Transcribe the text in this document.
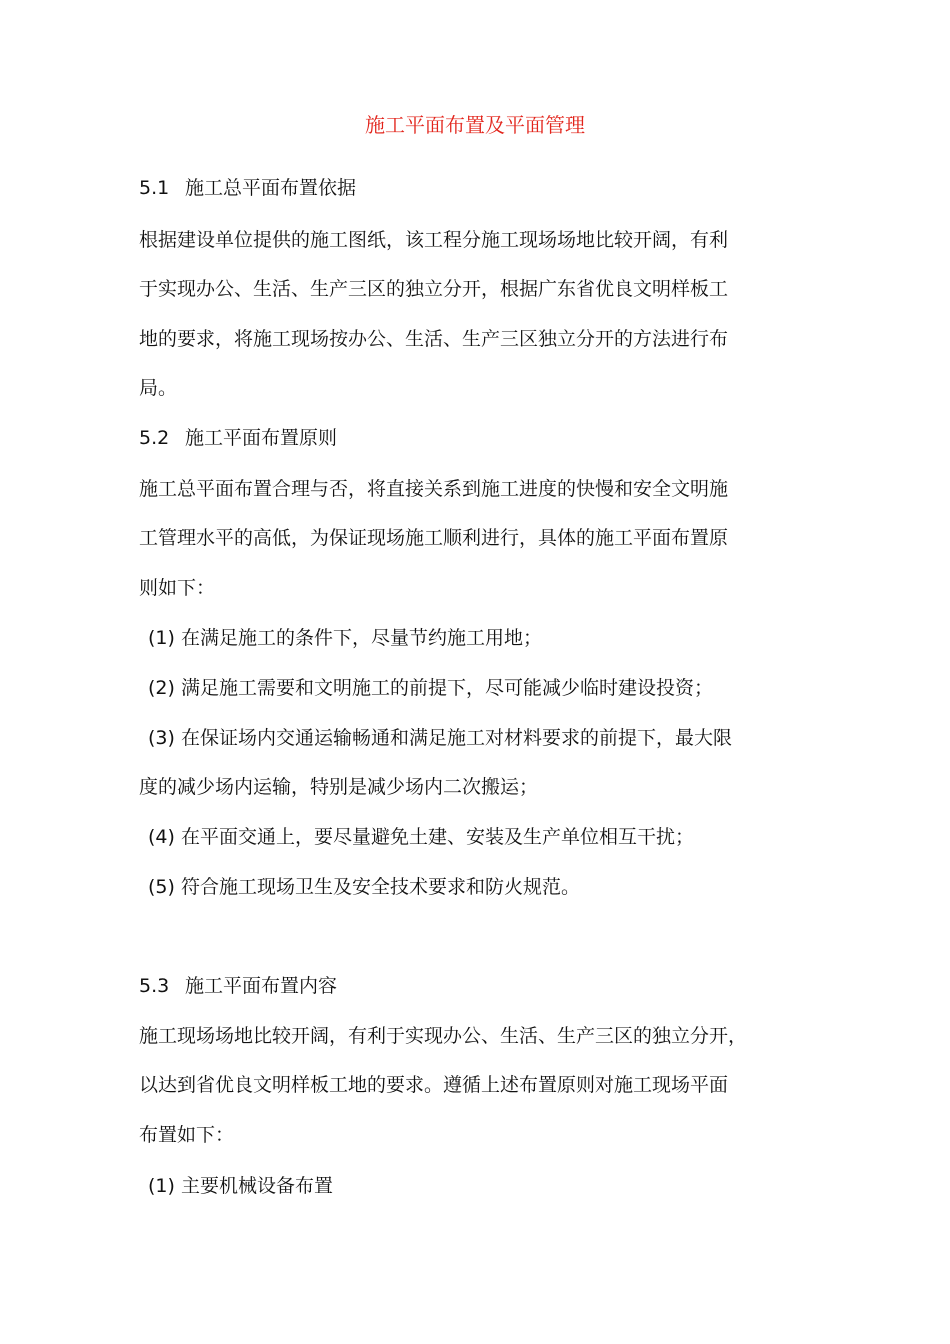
施工平面布置及平面管理
5.1 施工总平面布置依据
根据建设单位提供的施工图纸，该工程分施工现场场地比较开阔，有利
于实现办公、生活、生产三区的独立分开，根据广东省优良文明样板工
地的要求，将施工现场按办公、生活、生产三区独立分开的方法进行布
局。
5.2 施工平面布置原则
施工总平面布置合理与否，将直接关系到施工进度的快慢和安全文明施
工管理水平的高低，为保证现场施工顺利进行，具体的施工平面布置原
则如下：
(1) 在满足施工的条件下，尽量节约施工用地；
(2) 满足施工需要和文明施工的前提下，尽可能减少临时建设投资；
(3) 在保证场内交通运输畅通和满足施工对材料要求的前提下，最大限
度的减少场内运输，特别是减少场内二次搬运；
(4) 在平面交通上，要尽量避免土建、安装及生产单位相互干扰；
(5) 符合施工现场卫生及安全技术要求和防火规范。
5.3 施工平面布置内容
施工现场场地比较开阔，有利于实现办公、生活、生产三区的独立分开，
以达到省优良文明样板工地的要求。遵循上述布置原则对施工现场平面
布置如下：
(1) 主要机械设备布置
